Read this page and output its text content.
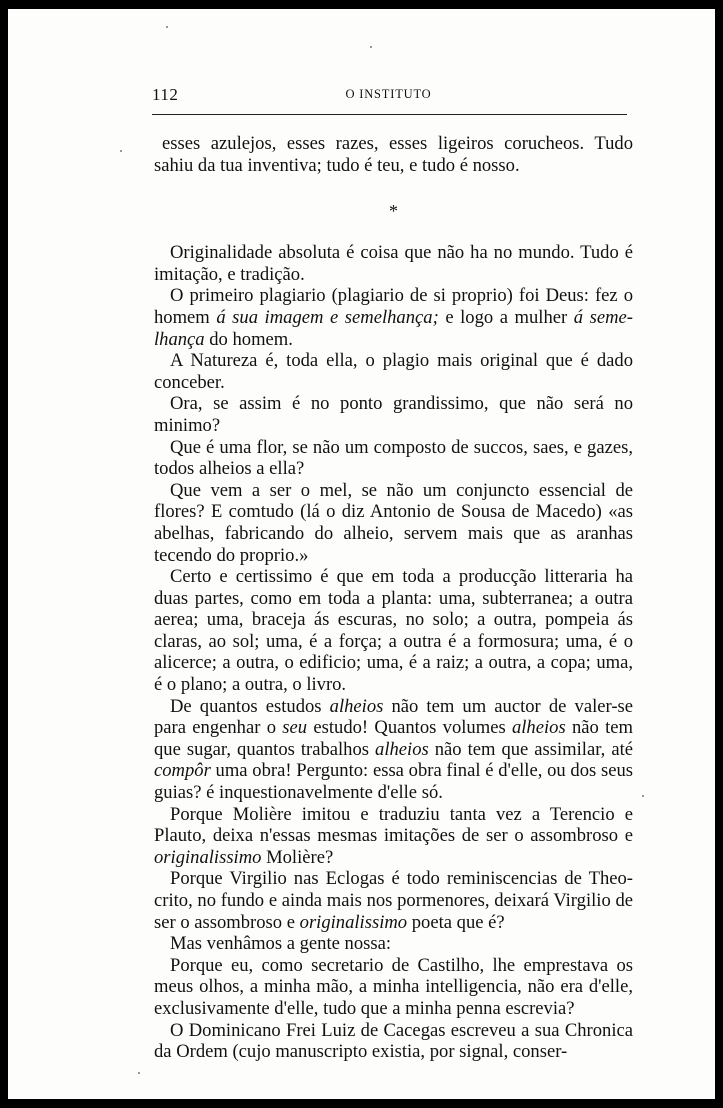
112	O INSTITUTO

esses azulejos, esses razes, esses ligeiros corucheos. Tudo sahiu da tua inventiva; tudo é teu, e tudo é nosso.

*

Originalidade absoluta é coisa que não ha no mundo. Tudo é imitação, e tradição.

O primeiro plagiario (plagiario de si proprio) foi Deus: fez o homem á sua imagem e semelhança; e logo a mulher á semelhança do homem.

A Natureza é, toda ella, o plagio mais original que é dado conceber.

Ora, se assim é no ponto grandissimo, que não será no minimo?

Que é uma flor, se não um composto de succos, saes, e gazes, todos alheios a ella?

Que vem a ser o mel, se não um conjuncto essencial de flores? E comtudo (lá o diz Antonio de Sousa de Macedo) «as abelhas, fabricando do alheio, servem mais que as aranhas tecendo do proprio.»

Certo e certissimo é que em toda a producção litteraria ha duas partes, como em toda a planta: uma, subterranea; a outra aerea; uma, braceja ás escuras, no solo; a outra, pompeia ás claras, ao sol; uma, é a força; a outra é a formosura; uma, é o alicerce; a outra, o edificio; uma, é a raiz; a outra, a copa; uma, é o plano; a outra, o livro.

De quantos estudos alheios não tem um auctor de valer-se para engenhar o seu estudo! Quantos volumes alheios não tem que sugar, quantos trabalhos alheios não tem que assimilar, até compôr uma obra! Pergunto: essa obra final é d'elle, ou dos seus guias? é inquestionavelmente d'elle só.

Porque Molière imitou e traduziu tanta vez a Terencio e Plauto, deixa n'essas mesmas imitações de ser o assombroso e originalissimo Molière?

Porque Virgilio nas Eclogas é todo reminiscencias de Theocrito, no fundo e ainda mais nos pormenores, deixará Virgilio de ser o assombroso e originalissimo poeta que é?

Mas venhâmos a gente nossa:

Porque eu, como secretario de Castilho, lhe emprestava os meus olhos, a minha mão, a minha intelligencia, não era d'elle, exclusivamente d'elle, tudo que a minha penna escrevia?

O Dominicano Frei Luiz de Cacegas escreveu a sua Chronica da Ordem (cujo manuscripto existia, por signal, conser-
